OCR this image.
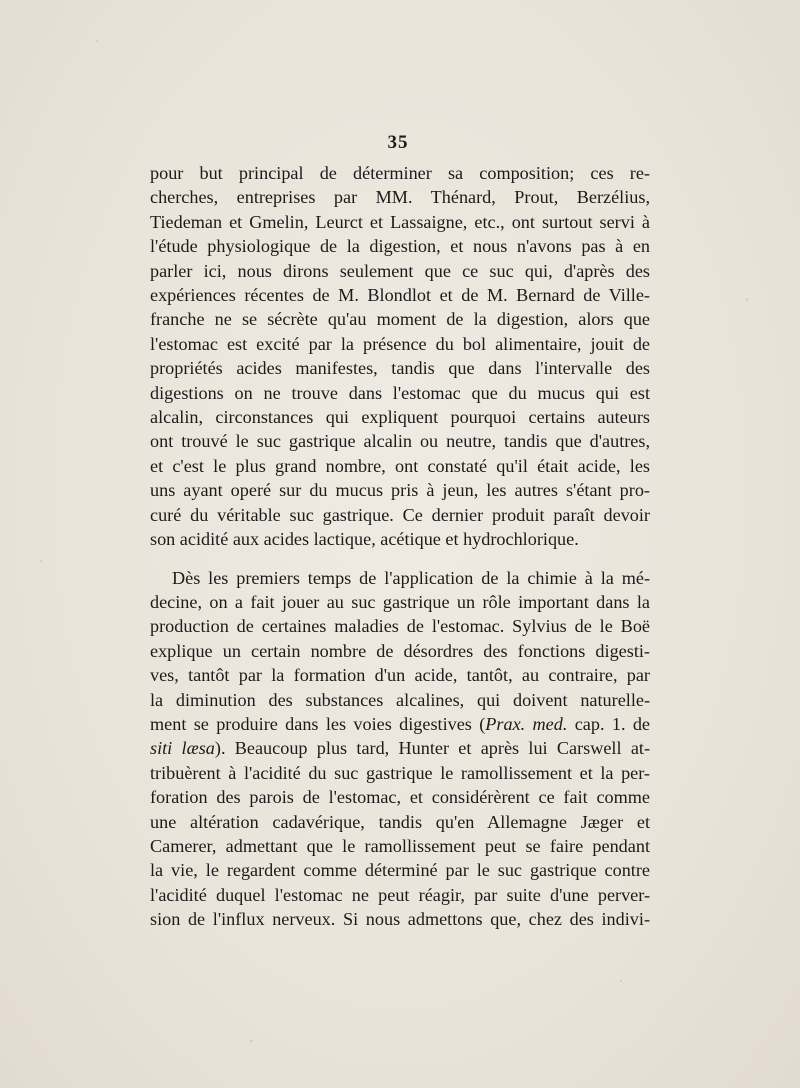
35

pour but principal de déterminer sa composition; ces re-
cherches, entreprises par MM. Thénard, Prout, Berzélius,
Tiedeman et Gmelin, Leurct et Lassaigne, etc., ont surtout servi à
l'étude physiologique de la digestion, et nous n'avons pas à en
parler ici, nous dirons seulement que ce suc qui, d'après des
expériences récentes de M. Blondlot et de M. Bernard de Ville-
franche ne se sécrète qu'au moment de la digestion, alors que
l'estomac est excité par la présence du bol alimentaire, jouit de
propriétés acides manifestes, tandis que dans l'intervalle des
digestions on ne trouve dans l'estomac que du mucus qui est
alcalin, circonstances qui expliquent pourquoi certains auteurs
ont trouvé le suc gastrique alcalin ou neutre, tandis que d'autres,
et c'est le plus grand nombre, ont constaté qu'il était acide, les
uns ayant operé sur du mucus pris à jeun, les autres s'étant pro-
curé du véritable suc gastrique. Ce dernier produit paraît devoir
son acidité aux acides lactique, acétique et hydrochlorique.

Dès les premiers temps de l'application de la chimie à la mé-
decine, on a fait jouer au suc gastrique un rôle important dans la
production de certaines maladies de l'estomac. Sylvius de le Boë
explique un certain nombre de désordres des fonctions digesti-
ves, tantôt par la formation d'un acide, tantôt, au contraire, par
la diminution des substances alcalines, qui doivent naturelle-
ment se produire dans les voies digestives (Prax. med. cap. 1. de
siti læsa). Beaucoup plus tard, Hunter et après lui Carswell at-
tribuèrent à l'acidité du suc gastrique le ramollissement et la per-
foration des parois de l'estomac, et considérèrent ce fait comme
une altération cadavérique, tandis qu'en Allemagne Jæger et
Camerer, admettant que le ramollissement peut se faire pendant
la vie, le regardent comme déterminé par le suc gastrique contre
l'acidité duquel l'estomac ne peut réagir, par suite d'une perver-
sion de l'influx nerveux. Si nous admettons que, chez des indivi-
